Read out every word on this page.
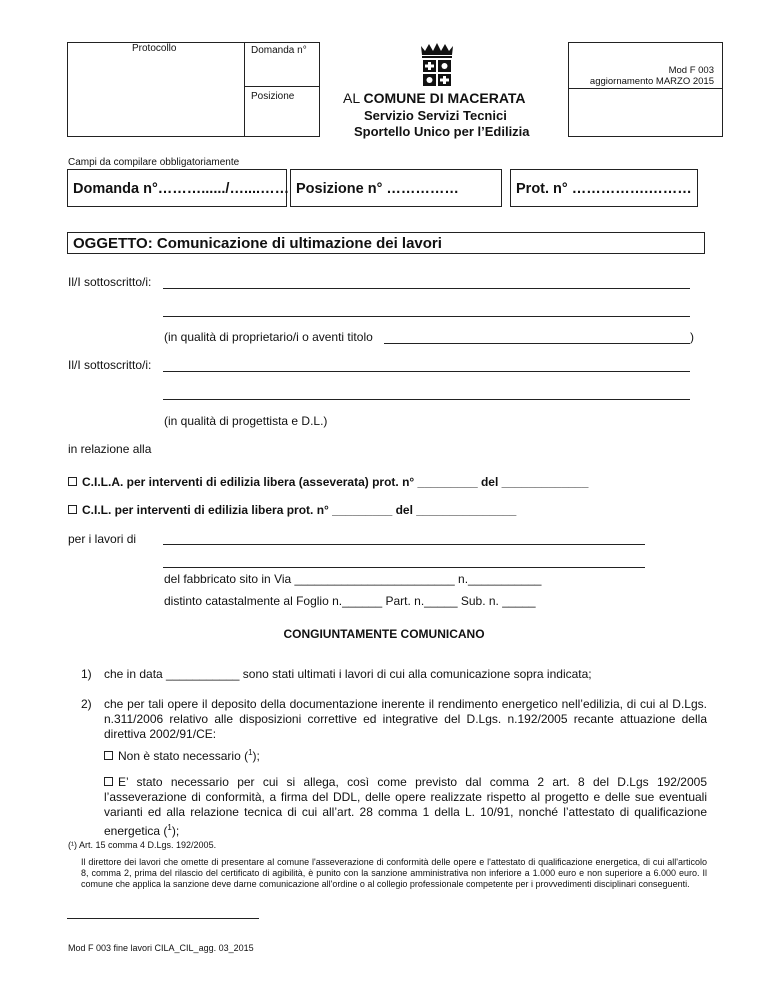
Protocollo	Domanda n°
Posizione	AL COMUNE DI MACERATA
Servizio Servizi Tecnici
Sportello Unico per l’Edilizia
Mod F 003
aggiornamento MARZO 2015
Campi da compilare obbligatoriamente
Domanda n°………....../…....…… Posizione n° ……………	Prot. n° …………….………
OGGETTO: Comunicazione di ultimazione dei lavori
Il/I sottoscritto/i:
(in qualità di proprietario/i o aventi titolo	)
Il/I sottoscritto/i:
(in qualità di progettista e D.L.)
in relazione alla
C.I.L.A. per interventi di edilizia libera (asseverata) prot. n° _________ del _____________
C.I.L. per interventi di edilizia libera prot. n° _________ del _______________
per i lavori di
del fabbricato sito in Via ________________________ n.___________
distinto catastalmente al Foglio n.______ Part. n._____ Sub. n. _____
CONGIUNTAMENTE COMUNICANO
1) che in data ___________ sono stati ultimati i lavori di cui alla comunicazione sopra indicata;
2) che per tali opere il deposito della documentazione inerente il rendimento energetico nell’edilizia, di cui al D.Lgs. n.311/2006 relativo alle disposizioni correttive ed integrative del D.Lgs. n.192/2005 recante attuazione della direttiva 2002/91/CE:
Non è stato necessario ($^1$);
E’ stato necessario per cui si allega, così come previsto dal comma 2 art. 8 del D.Lgs 192/2005 l’asseverazione di conformità, a firma del DDL, delle opere realizzate rispetto al progetto e delle sue eventuali varianti ed alla relazione tecnica di cui all’art. 28 comma 1 della L. 10/91, nonché l’attestato di qualificazione energetica ($^1$);
(¹) Art. 15 comma 4 D.Lgs. 192/2005.
Il direttore dei lavori che omette di presentare al comune l'asseverazione di conformità delle opere e l'attestato di qualificazione energetica, di cui all'articolo 8, comma 2, prima del rilascio del certificato di agibilità, è punito con la sanzione amministrativa non inferiore a 1.000 euro e non superiore a 6.000 euro. Il comune che applica la sanzione deve darne comunicazione all'ordine o al collegio professionale competente per i provvedimenti disciplinari conseguenti.
Mod F 003 fine lavori CILA_CIL_agg. 03_2015
